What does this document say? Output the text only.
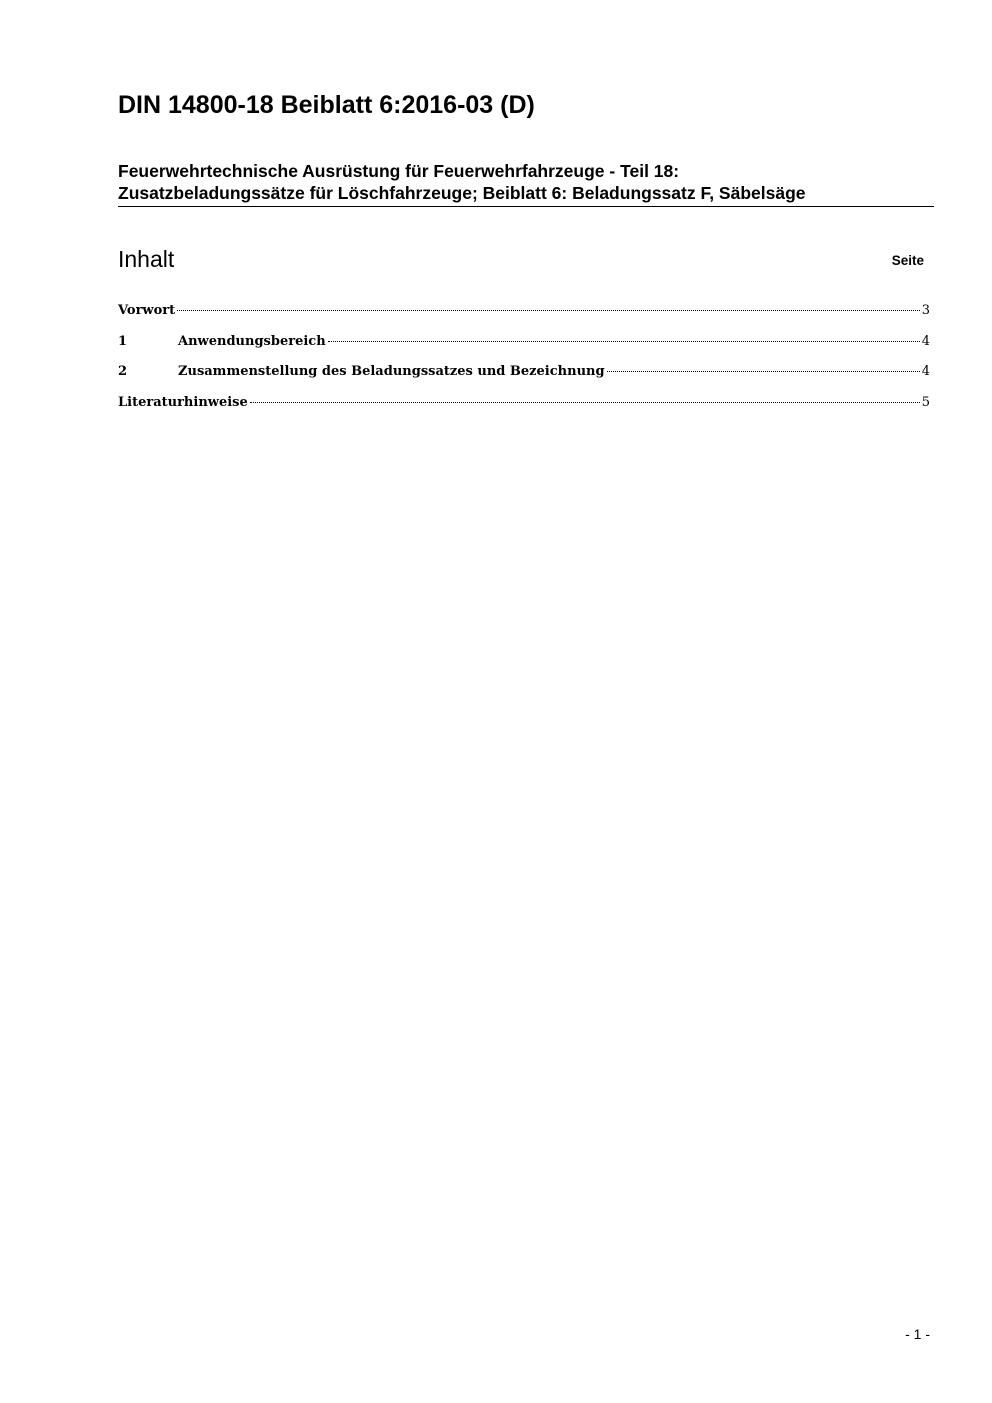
DIN 14800-18 Beiblatt 6:2016-03 (D)
Feuerwehrtechnische Ausrüstung für Feuerwehrfahrzeuge - Teil 18:
Zusatzbeladungssätze für Löschfahrzeuge; Beiblatt 6: Beladungssatz F, Säbelsäge
Inhalt	Seite
Vorwort	3
1	Anwendungsbereich	4
2	Zusammenstellung des Beladungssatzes und Bezeichnung	4
Literaturhinweise	5
- 1 -
